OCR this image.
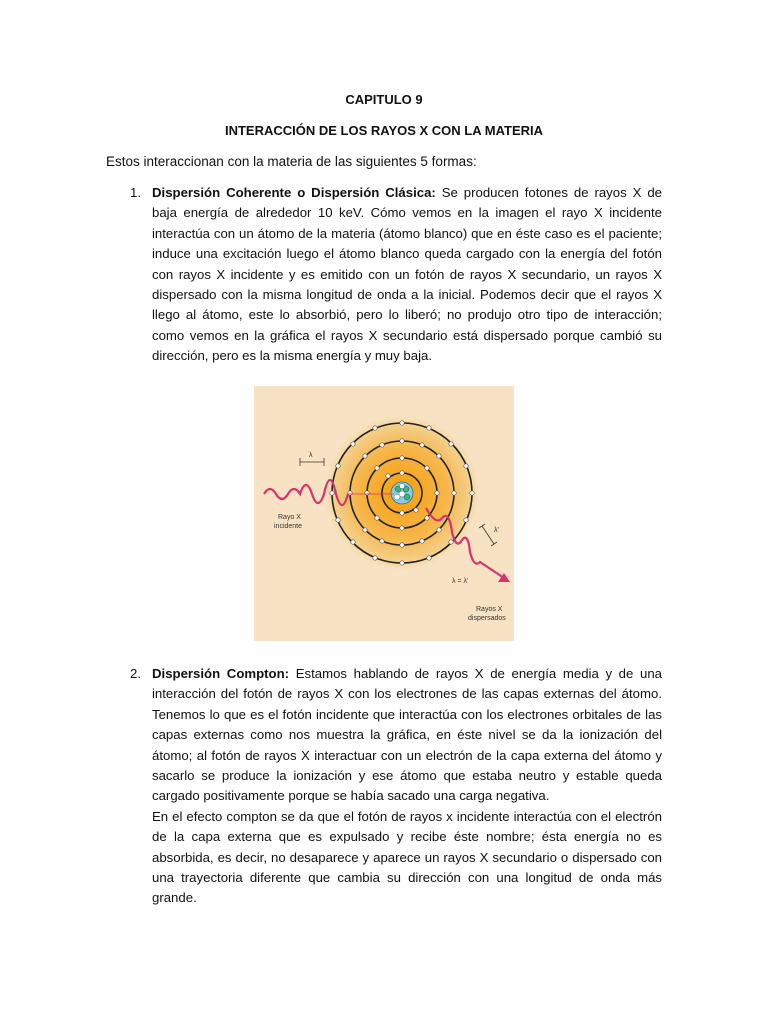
CAPITULO 9
INTERACCIÓN DE LOS RAYOS X CON LA MATERIA
Estos interaccionan con la materia de las siguientes 5 formas:
1. Dispersión Coherente o Dispersión Clásica: Se producen fotones de rayos X de baja energía de alrededor 10 keV. Cómo vemos en la imagen el rayo X incidente interactúa con un átomo de la materia (átomo blanco) que en éste caso es el paciente; induce una excitación luego el átomo blanco queda cargado con la energía del fotón con rayos X incidente y es emitido con un fotón de rayos X secundario, un rayos X dispersado con la misma longitud de onda a la inicial. Podemos decir que el rayos X llego al átomo, este lo absorbió, pero lo liberó; no produjo otro tipo de interacción; como vemos en la gráfica el rayos X secundario está dispersado porque cambió su dirección, pero es la misma energía y muy baja.

λ
λ'
Rayo X
incidente
λ = λ'
Rayos X
dispersados
2. Dispersión Compton: Estamos hablando de rayos X de energía media y de una interacción del fotón de rayos X con los electrones de las capas externas del átomo. Tenemos lo que es el fotón incidente que interactúa con los electrones orbitales de las capas externas como nos muestra la gráfica, en éste nivel se da la ionización del átomo; al fotón de rayos X interactuar con un electrón de la capa externa del átomo y sacarlo se produce la ionización y ese átomo que estaba neutro y estable queda cargado positivamente porque se había sacado una carga negativa.

En el efecto compton se da que el fotón de rayos x incidente interactúa con el electrón de la capa externa que es expulsado y recibe éste nombre; ésta energía no es absorbida, es decir, no desaparece y aparece un rayos X secundario o dispersado con una trayectoria diferente que cambia su dirección con una longitud de onda más grande.
